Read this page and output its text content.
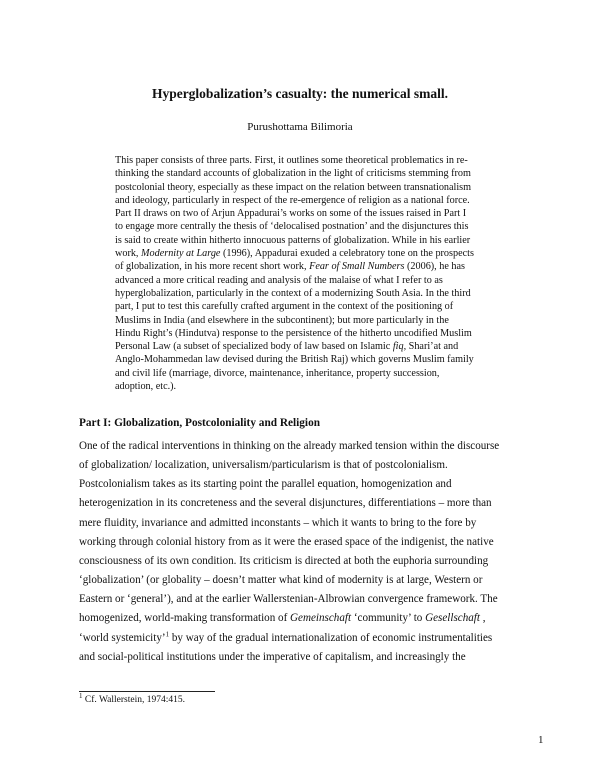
Hyperglobalization’s casualty: the numerical small.
Purushottama Bilimoria
This paper consists of three parts. First, it outlines some theoretical problematics in re-
thinking the standard accounts of globalization in the light of criticisms stemming from
postcolonial theory, especially as these impact on the relation between transnationalism
and ideology, particularly in respect of the re-emergence of religion as a national force.
Part II draws on two of Arjun Appadurai’s works on some of the issues raised in Part I
to engage more centrally the thesis of ‘delocalised postnation’ and the disjunctures this
is said to create within hitherto innocuous patterns of globalization. While in his earlier
work, Modernity at Large (1996), Appadurai exuded a celebratory tone on the prospects
of globalization, in his more recent short work, Fear of Small Numbers (2006), he has
advanced a more critical reading and analysis of the malaise of what I refer to as
hyperglobalization, particularly in the context of a modernizing South Asia. In the third
part, I put to test this carefully crafted argument in the context of the positioning of
Muslims in India (and elsewhere in the subcontinent); but more particularly in the
Hindu Right’s (Hindutva) response to the persistence of the hitherto uncodified Muslim
Personal Law (a subset of specialized body of law based on Islamic fiq, Shari’at and
Anglo-Mohammedan law devised during the British Raj) which governs Muslim family
and civil life (marriage, divorce, maintenance, inheritance, property succession,
adoption, etc.).
Part I: Globalization, Postcoloniality and Religion
One of the radical interventions in thinking on the already marked tension within the discourse
of globalization/ localization, universalism/particularism is that of postcolonialism.
Postcolonialism takes as its starting point the parallel equation, homogenization and
heterogenization in its concreteness and the several disjunctures, differentiations – more than
mere fluidity, invariance and admitted inconstants – which it wants to bring to the fore by
working through colonial history from as it were the erased space of the indigenist, the native
consciousness of its own condition. Its criticism is directed at both the euphoria surrounding
‘globalization’ (or globality – doesn’t matter what kind of modernity is at large, Western or
Eastern or ‘general’), and at the earlier Wallerstenian-Albrowian convergence framework. The
homogenized, world-making transformation of Gemeinschaft ‘community’ to Gesellschaft ,
‘world systemicity’$^1$ by way of the gradual internationalization of economic instrumentalities
and social-political institutions under the imperative of capitalism, and increasingly the
$^1$ Cf. Wallerstein, 1974:415.
1
